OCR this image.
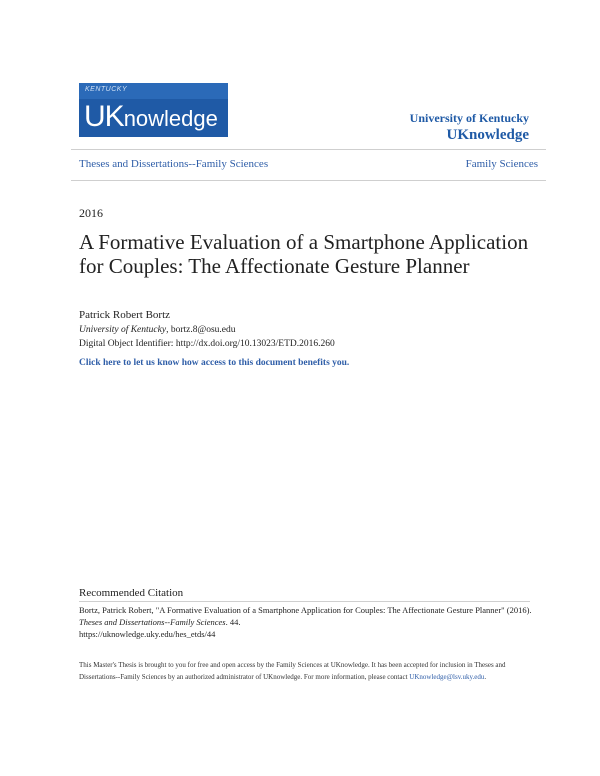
KENTUCKY
UKnowledge	University of Kentucky
UKnowledge
Theses and Dissertations--Family Sciences	Family Sciences
2016
A Formative Evaluation of a Smartphone Application for Couples: The Affectionate Gesture Planner
Patrick Robert Bortz
University of Kentucky, bortz.8@osu.edu
Digital Object Identifier: http://dx.doi.org/10.13023/ETD.2016.260
Click here to let us know how access to this document benefits you.
Recommended Citation
Bortz, Patrick Robert, "A Formative Evaluation of a Smartphone Application for Couples: The Affectionate Gesture Planner" (2016).
Theses and Dissertations--Family Sciences. 44.
https://uknowledge.uky.edu/hes_etds/44
This Master's Thesis is brought to you for free and open access by the Family Sciences at UKnowledge. It has been accepted for inclusion in Theses and Dissertations--Family Sciences by an authorized administrator of UKnowledge. For more information, please contact UKnowledge@lsv.uky.edu.
